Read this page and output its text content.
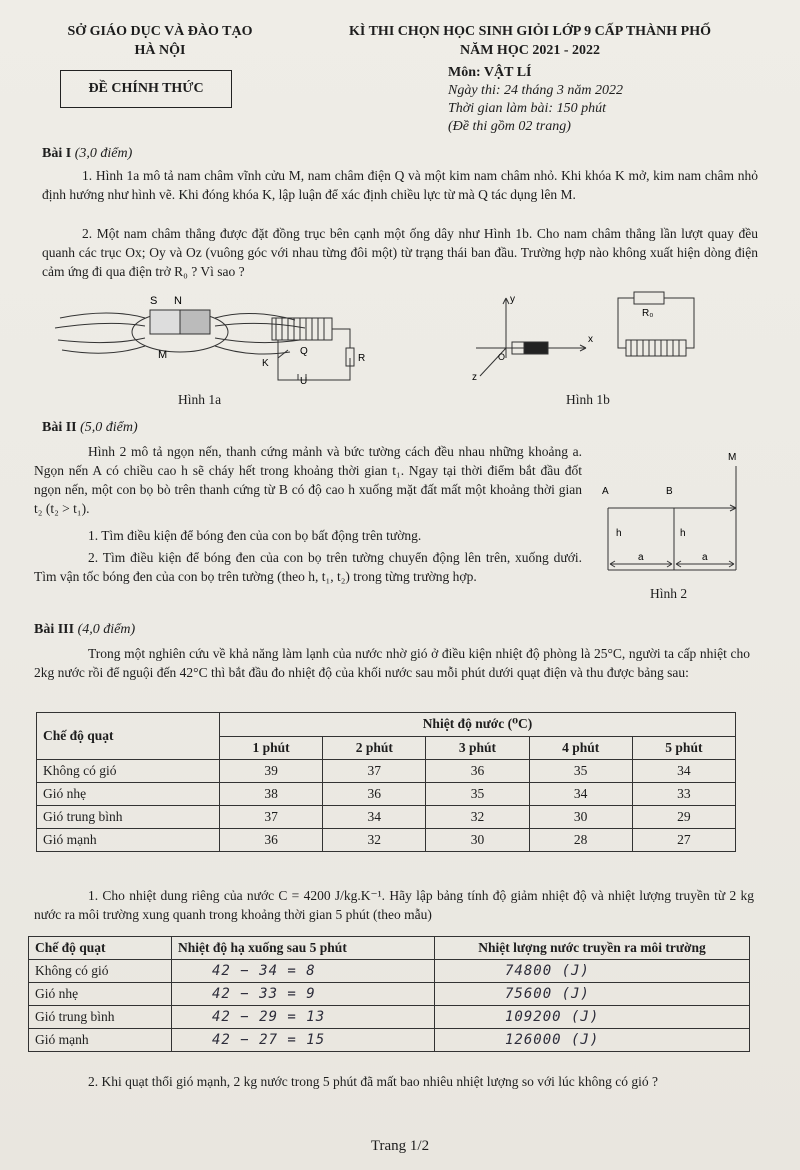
SỞ GIÁO DỤC VÀ ĐÀO TẠO
HÀ NỘI
KÌ THI CHỌN HỌC SINH GIỎI LỚP 9 CẤP THÀNH PHỐ
NĂM HỌC 2021 - 2022
ĐỀ CHÍNH THỨC
Môn: VẬT LÍ
Ngày thi: 24 tháng 3 năm 2022
Thời gian làm bài: 150 phút
(Đề thi gồm 02 trang)
Bài I (3,0 điểm)
1. Hình 1a mô tả nam châm vĩnh cửu M, nam châm điện Q và một kim nam châm nhỏ. Khi khóa K mở, kim nam châm nhỏ định hướng như hình vẽ. Khi đóng khóa K, lập luận để xác định chiều lực từ mà Q tác dụng lên M.
2. Một nam châm thẳng được đặt đồng trục bên cạnh một ống dây như Hình 1b. Cho nam châm thẳng lần lượt quay đều quanh các trục Ox; Oy và Oz (vuông góc với nhau từng đôi một) từ trạng thái ban đầu. Trường hợp nào không xuất hiện dòng điện cảm ứng đi qua điện trở R₀ ? Vì sao ?
S N
M	Q
R
K
U
Hình 1a
R₀
y
x
z
O
Hình 1b
Bài II (5,0 điểm)
Hình 2 mô tả ngọn nến, thanh cứng mảnh và bức tường cách đều nhau những khoảng a. Ngọn nến A có chiều cao h sẽ cháy hết trong khoảng thời gian t₁. Ngay tại thời điểm bắt đầu đốt ngọn nến, một con bọ bò trên thanh cứng từ B có độ cao h xuống mặt đất mất một khoảng thời gian t₂ (t₂ > t₁).
1. Tìm điều kiện để bóng đen của con bọ bất động trên tường.
2. Tìm điều kiện để bóng đen của con bọ trên tường chuyển động lên trên, xuống dưới. Tìm vận tốc bóng đen của con bọ trên tường (theo h, t₁, t₂) trong từng trường hợp.
M
A	B
h	h
a	a
Hình 2
Bài III (4,0 điểm)
Trong một nghiên cứu về khả năng làm lạnh của nước nhờ gió ở điều kiện nhiệt độ phòng là 25°C, người ta cấp nhiệt cho 2kg nước rồi để nguội đến 42°C thì bắt đầu đo nhiệt độ của khối nước sau mỗi phút dưới quạt điện và thu được bảng sau:
Chế độ quạt	Nhiệt độ nước (⁰C)				
	1 phút	2 phút	3 phút	4 phút	5 phút
Không có gió	39	37	36	35	34
Gió nhẹ	38	36	35	34	33
Gió trung bình	37	34	32	30	29
Gió mạnh	36	32	30	28	27
1. Cho nhiệt dung riêng của nước C = 4200 J/kg.K⁻¹. Hãy lập bảng tính độ giảm nhiệt độ và nhiệt lượng truyền từ 2 kg nước ra môi trường xung quanh trong khoảng thời gian 5 phút (theo mẫu)
Chế độ quạt	Nhiệt độ hạ xuống sau 5 phút	Nhiệt lượng nước truyền ra môi trường
Không có gió	42 − 34 = 8	74800 (J)
Gió nhẹ	42 − 33 = 9	75600 (J)
Gió trung bình	42 − 29 = 13	109200 (J)
Gió mạnh	42 − 27 = 15	126000 (J)
2. Khi quạt thổi gió mạnh, 2 kg nước trong 5 phút đã mất bao nhiêu nhiệt lượng so với lúc không có gió ?
Trang 1/2
